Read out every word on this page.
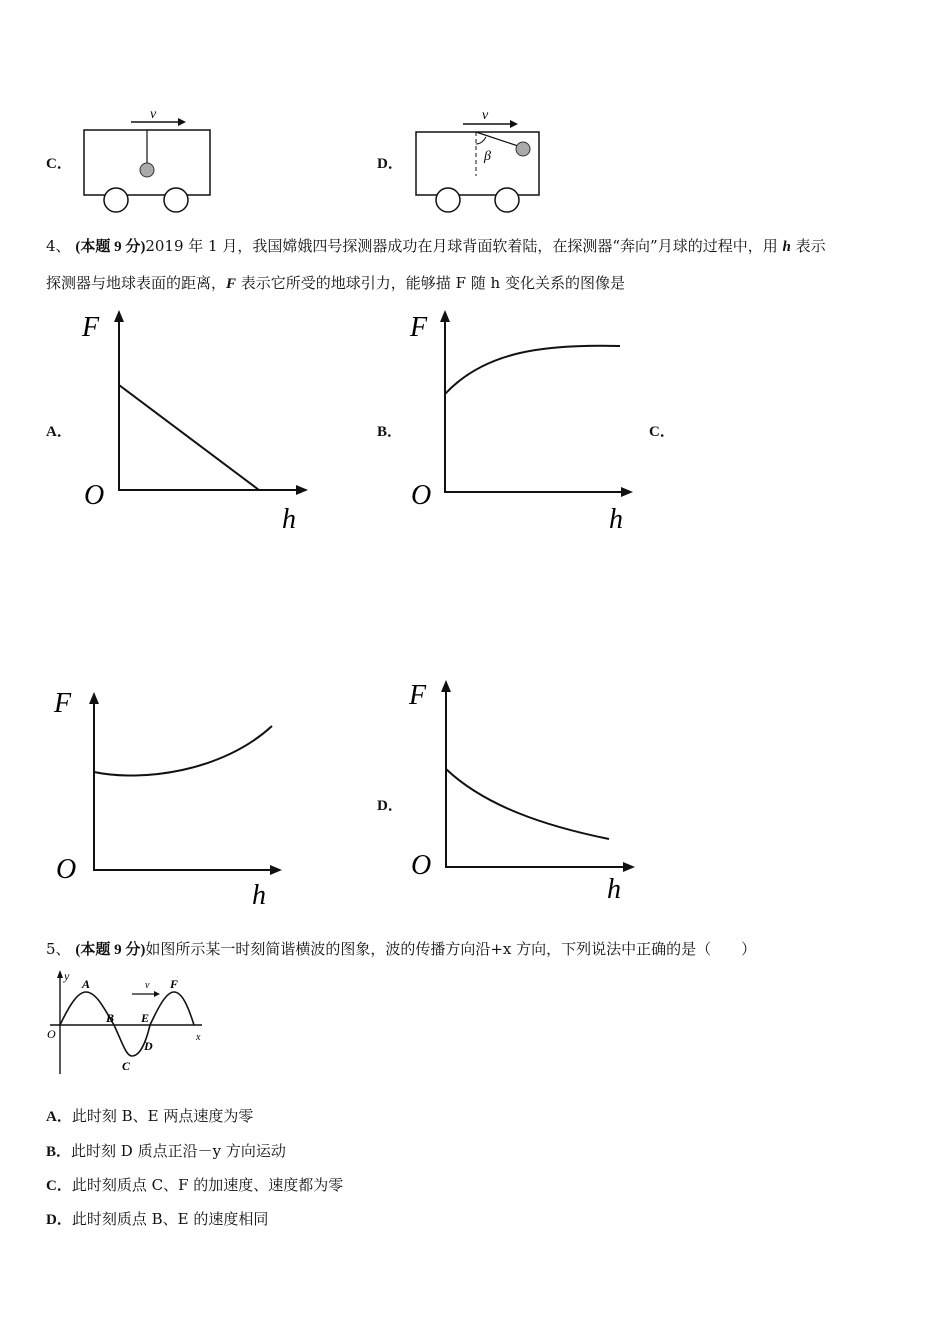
C．
v
D．
v
β
4、 (本题 9 分)2019 年 1 月，我国嫦娥四号探测器成功在月球背面软着陆，在探测器“奔向”月球的过程中，用 h 表示
探测器与地球表面的距离，F 表示它所受的地球引力，能够描 F 随 h 变化关系的图像是
A．	B．	C．
D．
F
O
h
F
O
h
F
O
h
F
O
h
5、 (本题 9 分)如图所示某一时刻简谐横波的图象，波的传播方向沿+x 方向，下列说法中正确的是（　　）
v
y
x
O
A
B
C
D
E
F
A．此时刻 B、E 两点速度为零
B．此时刻 D 质点正沿－y 方向运动
C．此时刻质点 C、F 的加速度、速度都为零
D．此时刻质点 B、E 的速度相同
